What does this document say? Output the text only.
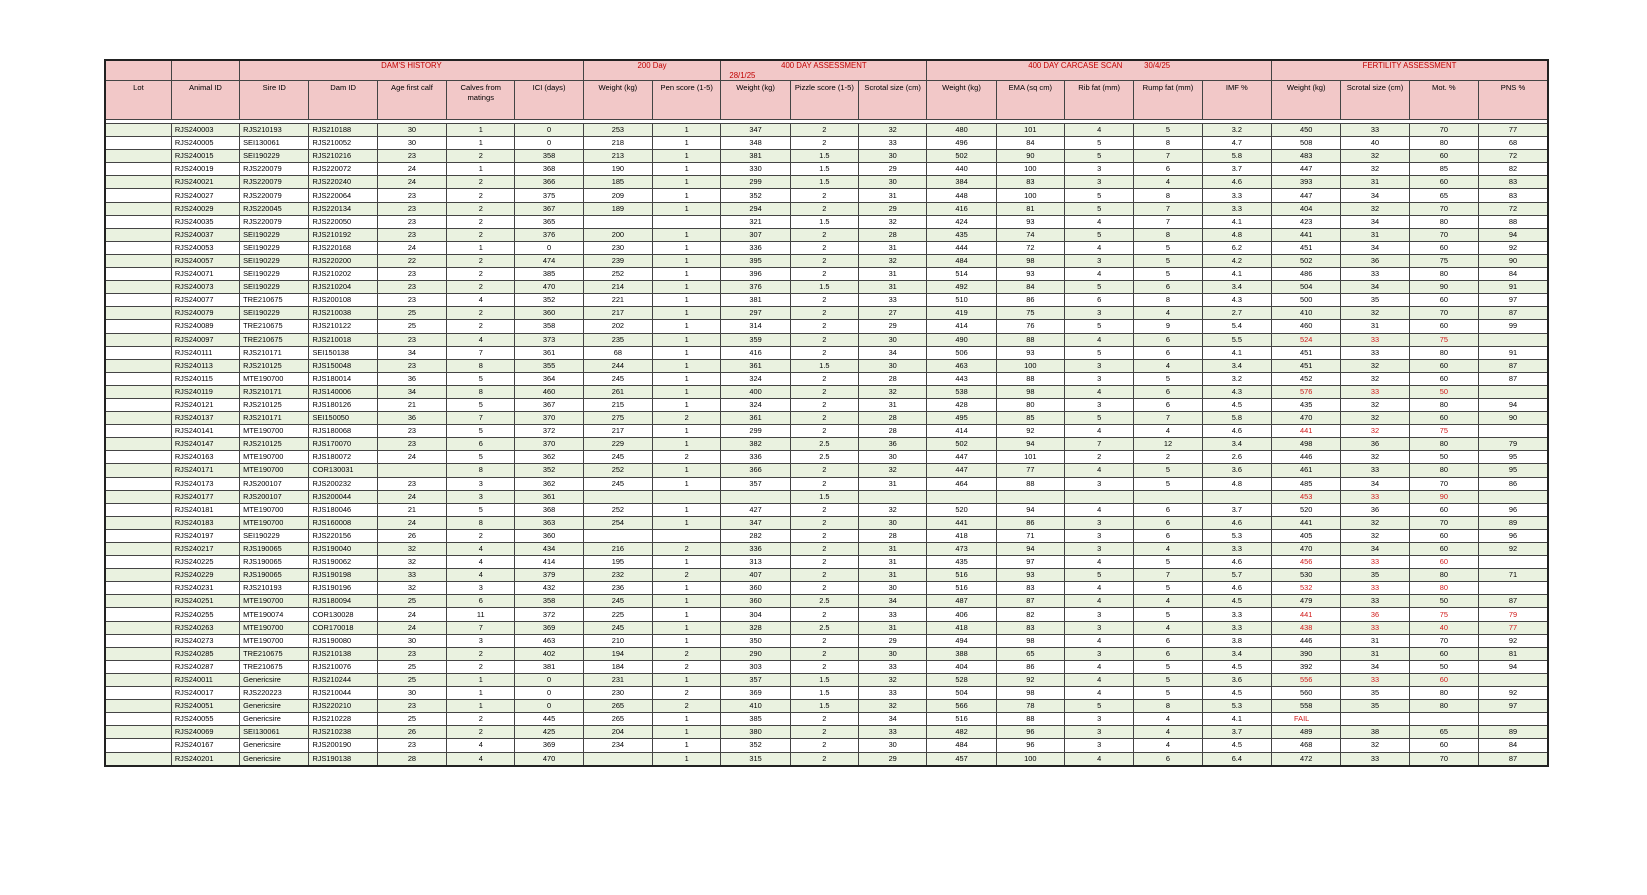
		DAM'S HISTORY					200 Day		400 DAY ASSESSMENT
28/1/25			400 DAY CARCASE SCAN 30/4/25					FERTILITY ASSESSMENT			
Lot	Animal ID	Sire ID	Dam ID	Age first calf	Calves from matings	ICI (days)	Weight (kg)	Pen score (1-5)	Weight (kg)	Pizzle score (1-5)	Scrotal size (cm)	Weight (kg)	EMA (sq cm)	Rib fat (mm)	Rump fat (mm)	IMF %	Weight (kg)	Scrotal size (cm)	Mot. %	PNS %

	RJS240003	RJS210193	RJS210188	30	1	0	253	1	347	2	32	480	101	4	5	3.2	450	33	70	77
	RJS240005	SEI130061	RJS210052	30	1	0	218	1	348	2	33	496	84	5	8	4.7	508	40	80	68
	RJS240015	SEI190229	RJS210216	23	2	358	213	1	381	1.5	30	502	90	5	7	5.8	483	32	60	72
	RJS240019	RJS220079	RJS220072	24	1	368	190	1	330	1.5	29	440	100	3	6	3.7	447	32	85	82
	RJS240021	RJS220079	RJS220240	24	2	366	185	1	299	1.5	30	384	83	3	4	4.6	393	31	60	83
	RJS240027	RJS220079	RJS220064	23	2	375	209	1	352	2	31	448	100	5	8	3.3	447	34	65	83
	RJS240029	RJS220045	RJS220134	23	2	367	189	1	294	2	29	416	81	5	7	3.3	404	32	70	72
	RJS240035	RJS220079	RJS220050	23	2	365			321	1.5	32	424	93	4	7	4.1	423	34	80	88
	RJS240037	SEI190229	RJS210192	23	2	376	200	1	307	2	28	435	74	5	8	4.8	441	31	70	94
	RJS240053	SEI190229	RJS220168	24	1	0	230	1	336	2	31	444	72	4	5	6.2	451	34	60	92
	RJS240057	SEI190229	RJS220200	22	2	474	239	1	395	2	32	484	98	3	5	4.2	502	36	75	90
	RJS240071	SEI190229	RJS210202	23	2	385	252	1	396	2	31	514	93	4	5	4.1	486	33	80	84
	RJS240073	SEI190229	RJS210204	23	2	470	214	1	376	1.5	31	492	84	5	6	3.4	504	34	90	91
	RJS240077	TRE210675	RJS200108	23	4	352	221	1	381	2	33	510	86	6	8	4.3	500	35	60	97
	RJS240079	SEI190229	RJS210038	25	2	360	217	1	297	2	27	419	75	3	4	2.7	410	32	70	87
	RJS240089	TRE210675	RJS210122	25	2	358	202	1	314	2	29	414	76	5	9	5.4	460	31	60	99
	RJS240097	TRE210675	RJS210018	23	4	373	235	1	359	2	30	490	88	4	6	5.5	524	33	75	
	RJS240111	RJS210171	SEI150138	34	7	361	68	1	416	2	34	506	93	5	6	4.1	451	33	80	91
	RJS240113	RJS210125	RJS150048	23	8	355	244	1	361	1.5	30	463	100	3	4	3.4	451	32	60	87
	RJS240115	MTE190700	RJS180014	36	5	364	245	1	324	2	28	443	88	3	5	3.2	452	32	60	87
	RJS240119	RJS210171	RJS140006	34	8	460	261	1	400	2	32	538	98	4	6	4.3	576	33	50	
	RJS240121	RJS210125	RJS180126	21	5	367	215	1	324	2	31	428	80	3	6	4.5	435	32	80	94
	RJS240137	RJS210171	SEI150050	36	7	370	275	2	361	2	28	495	85	5	7	5.8	470	32	60	90
	RJS240141	MTE190700	RJS180068	23	5	372	217	1	299	2	28	414	92	4	4	4.6	441	32	75	
	RJS240147	RJS210125	RJS170070	23	6	370	229	1	382	2.5	36	502	94	7	12	3.4	498	36	80	79
	RJS240163	MTE190700	RJS180072	24	5	362	245	2	336	2.5	30	447	101	2	2	2.6	446	32	50	95
	RJS240171	MTE190700	COR130031		8	352	252	1	366	2	32	447	77	4	5	3.6	461	33	80	95
	RJS240173	RJS200107	RJS200232	23	3	362	245	1	357	2	31	464	88	3	5	4.8	485	34	70	86
	RJS240177	RJS200107	RJS200044	24	3	361				1.5							453	33	90	
	RJS240181	MTE190700	RJS180046	21	5	368	252	1	427	2	32	520	94	4	6	3.7	520	36	60	96
	RJS240183	MTE190700	RJS160008	24	8	363	254	1	347	2	30	441	86	3	6	4.6	441	32	70	89
	RJS240197	SEI190229	RJS220156	26	2	360			282	2	28	418	71	3	6	5.3	405	32	60	96
	RJS240217	RJS190065	RJS190040	32	4	434	216	2	336	2	31	473	94	3	4	3.3	470	34	60	92
	RJS240225	RJS190065	RJS190062	32	4	414	195	1	313	2	31	435	97	4	5	4.6	456	33	60	
	RJS240229	RJS190065	RJS190198	33	4	379	232	2	407	2	31	516	93	5	7	5.7	530	35	80	71
	RJS240231	RJS210193	RJS190196	32	3	432	236	1	360	2	30	516	83	4	5	4.6	532	33	80	
	RJS240251	MTE190700	RJS180094	25	6	358	245	1	360	2.5	34	487	87	4	4	4.5	479	33	50	87
	RJS240255	MTE190074	COR130028	24	11	372	225	1	304	2	33	406	82	3	5	3.3	441	36	75	79
	RJS240263	MTE190700	COR170018	24	7	369	245	1	328	2.5	31	418	83	3	4	3.3	438	33	40	77
	RJS240273	MTE190700	RJS190080	30	3	463	210	1	350	2	29	494	98	4	6	3.8	446	31	70	92
	RJS240285	TRE210675	RJS210138	23	2	402	194	2	290	2	30	388	65	3	6	3.4	390	31	60	81
	RJS240287	TRE210675	RJS210076	25	2	381	184	2	303	2	33	404	86	4	5	4.5	392	34	50	94
	RJS240011	Genericsire	RJS210244	25	1	0	231	1	357	1.5	32	528	92	4	5	3.6	556	33	60	
	RJS240017	RJS220223	RJS210044	30	1	0	230	2	369	1.5	33	504	98	4	5	4.5	560	35	80	92
	RJS240051	Genericsire	RJS220210	23	1	0	265	2	410	1.5	32	566	78	5	8	5.3	558	35	80	97
	RJS240055	Genericsire	RJS210228	25	2	445	265	1	385	2	34	516	88	3	4	4.1	FAIL			
	RJS240069	SEI130061	RJS210238	26	2	425	204	1	380	2	33	482	96	3	4	3.7	489	38	65	89
	RJS240167	Genericsire	RJS200190	23	4	369	234	1	352	2	30	484	96	3	4	4.5	468	32	60	84
	RJS240201	Genericsire	RJS190138	28	4	470		1	315	2	29	457	100	4	6	6.4	472	33	70	87
